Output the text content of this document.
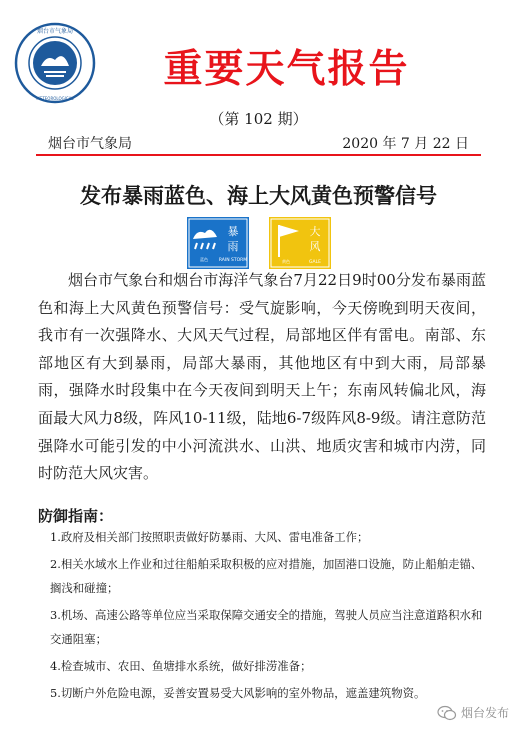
烟台市气象局
METEOROLOGICAL
重要天气报告
（第 102 期）
烟台市气象局	2020 年 7 月 22 日
发布暴雨蓝色、海上大风黄色预警信号
暴
雨
蓝色 RAIN STORM
大
风
黄色	GALE

烟台市气象台和烟台市海洋气象台7月22日9时00分发布暴雨蓝色和海上大风黄色预警信号：受气旋影响，今天傍晚到明天夜间，我市有一次强降水、大风天气过程，局部地区伴有雷电。南部、东部地区有大到暴雨，局部大暴雨，其他地区有中到大雨，局部暴雨，强降水时段集中在今天夜间到明天上午；东南风转偏北风，海面最大风力8级，阵风10-11级，陆地6-7级阵风8-9级。请注意防范强降水可能引发的中小河流洪水、山洪、地质灾害和城市内涝，同时防范大风灾害。

防御指南：
1.政府及相关部门按照职责做好防暴雨、大风、雷电准备工作；
2.相关水域水上作业和过往船舶采取积极的应对措施，加固港口设施，防止船舶走锚、搁浅和碰撞；
3.机场、高速公路等单位应当采取保障交通安全的措施，驾驶人员应当注意道路积水和交通阻塞；
4.检查城市、农田、鱼塘排水系统，做好排涝准备；
5.切断户外危险电源，妥善安置易受大风影响的室外物品，遮盖建筑物资。
烟台发布
